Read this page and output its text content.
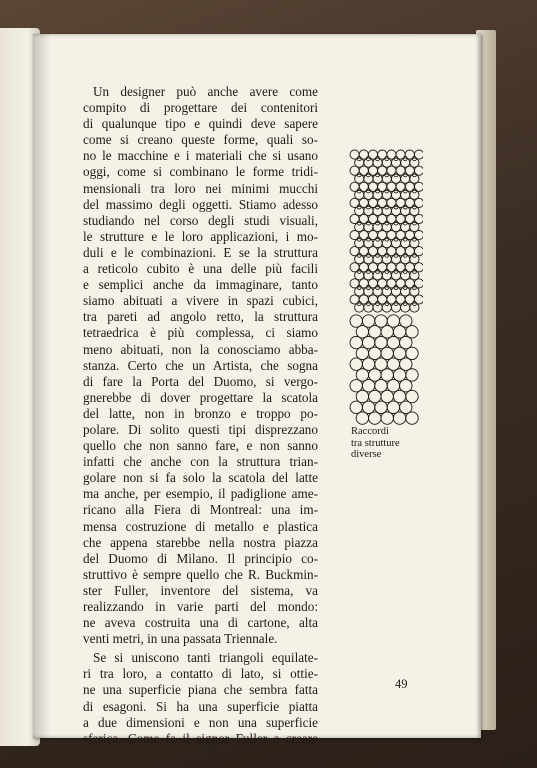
Un designer può anche avere come
compito di progettare dei contenitori
di qualunque tipo e quindi deve sapere
come si creano queste forme, quali so-
no le macchine e i materiali che si usano
oggi, come si combinano le forme tridi-
mensionali tra loro nei minimi mucchi
del massimo degli oggetti. Stiamo adesso
studiando nel corso degli studi visuali,
le strutture e le loro applicazioni, i mo-
duli e le combinazioni. E se la struttura
a reticolo cubito è una delle più facili
e semplici anche da immaginare, tanto
siamo abituati a vivere in spazi cubici,
tra pareti ad angolo retto, la struttura
tetraedrica è più complessa, ci siamo
meno abituati, non la conosciamo abba-
stanza. Certo che un Artista, che sogna
di fare la Porta del Duomo, si vergo-
gnerebbe di dover progettare la scatola
del latte, non in bronzo e troppo po-
polare. Di solito questi tipi disprezzano
quello che non sanno fare, e non sanno
infatti che anche con la struttura trian-
golare non si fa solo la scatola del latte
ma anche, per esempio, il padiglione ame-
ricano alla Fiera di Montreal: una im-
mensa costruzione di metallo e plastica
che appena starebbe nella nostra piazza
del Duomo di Milano. Il principio co-
struttivo è sempre quello che R. Buckmin-
ster Fuller, inventore del sistema, va
realizzando in varie parti del mondo:
ne aveva costruita una di cartone, alta
venti metri, in una passata Triennale.
Se si uniscono tanti triangoli equilate-
ri tra loro, a contatto di lato, si ottie-
ne una superficie piana che sembra fatta
di esagoni. Si ha una superficie piatta
a due dimensioni e non una superficie
sferica. Come fa il signor Fuller a creare
Raccordi
tra strutture
diverse
49
